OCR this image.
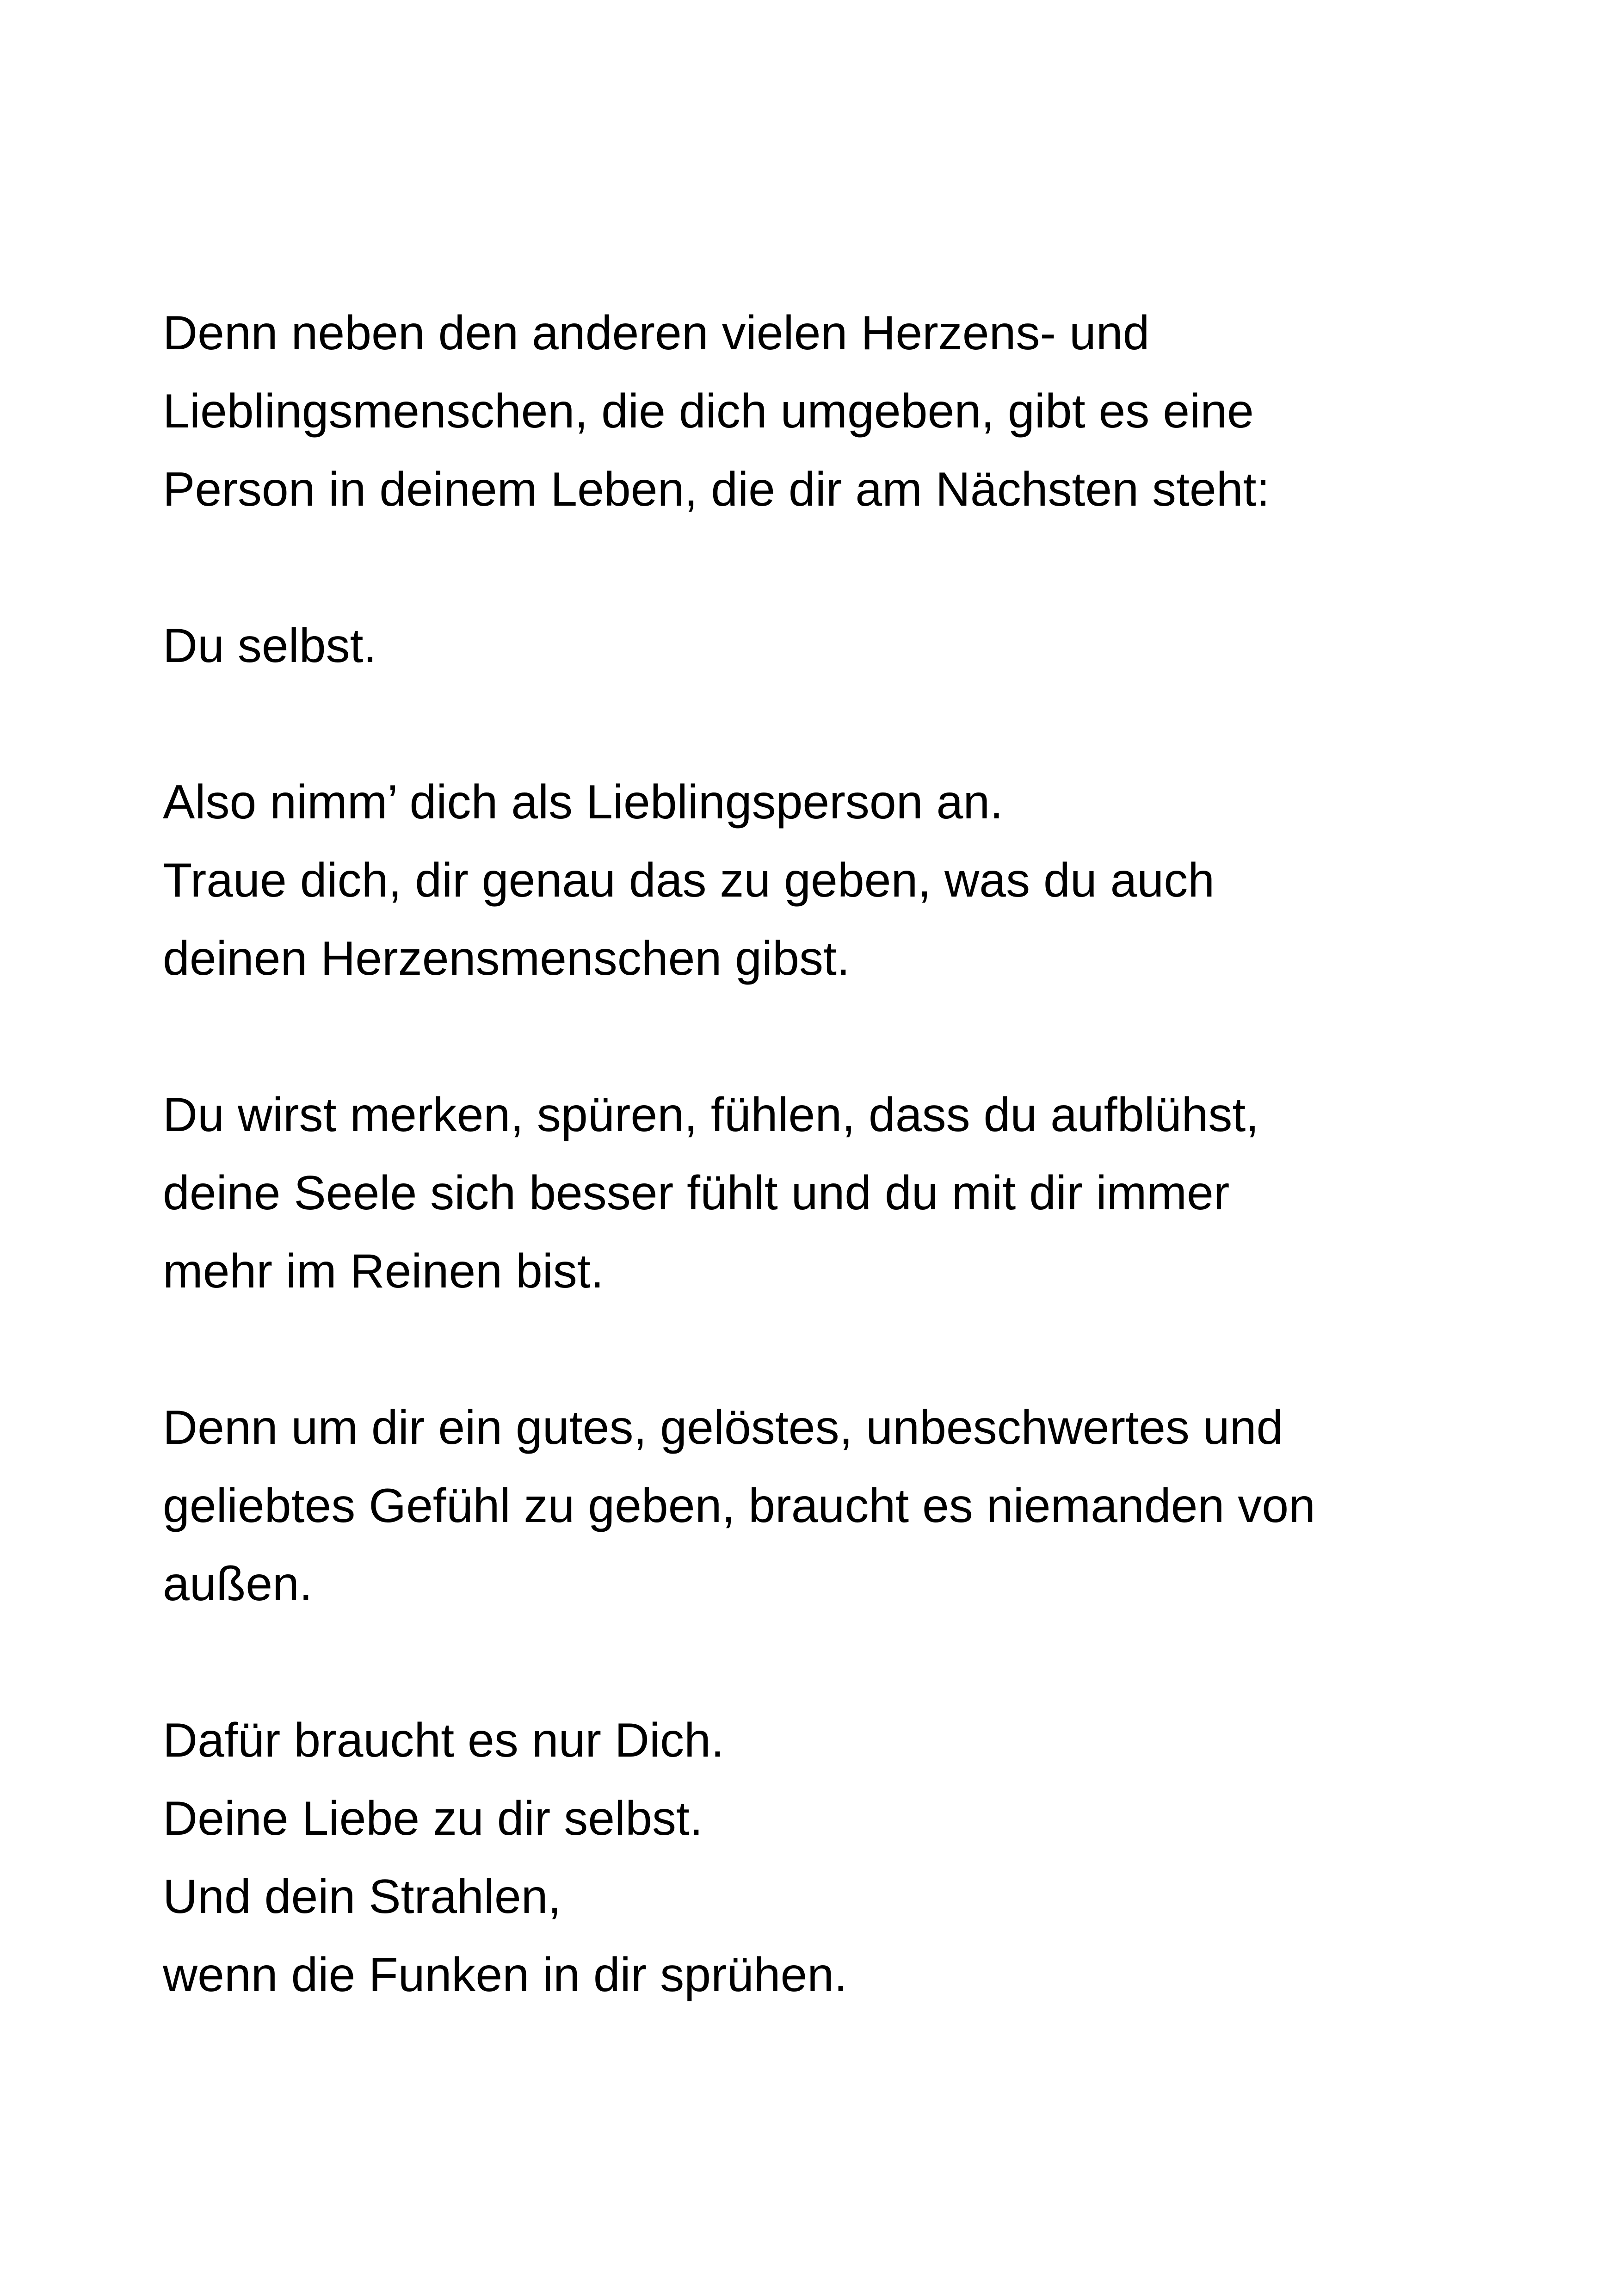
Denn neben den anderen vielen Herzens- und
Lieblingsmenschen, die dich umgeben, gibt es eine
Person in deinem Leben, die dir am Nächsten steht:

Du selbst.

Also nimm’ dich als Lieblingsperson an.
Traue dich, dir genau das zu geben, was du auch
deinen Herzensmenschen gibst.

Du wirst merken, spüren, fühlen, dass du aufblühst,
deine Seele sich besser fühlt und du mit dir immer
mehr im Reinen bist.

Denn um dir ein gutes, gelöstes, unbeschwertes und
geliebtes Gefühl zu geben, braucht es niemanden von
außen.

Dafür braucht es nur Dich.
Deine Liebe zu dir selbst.
Und dein Strahlen,
wenn die Funken in dir sprühen.
